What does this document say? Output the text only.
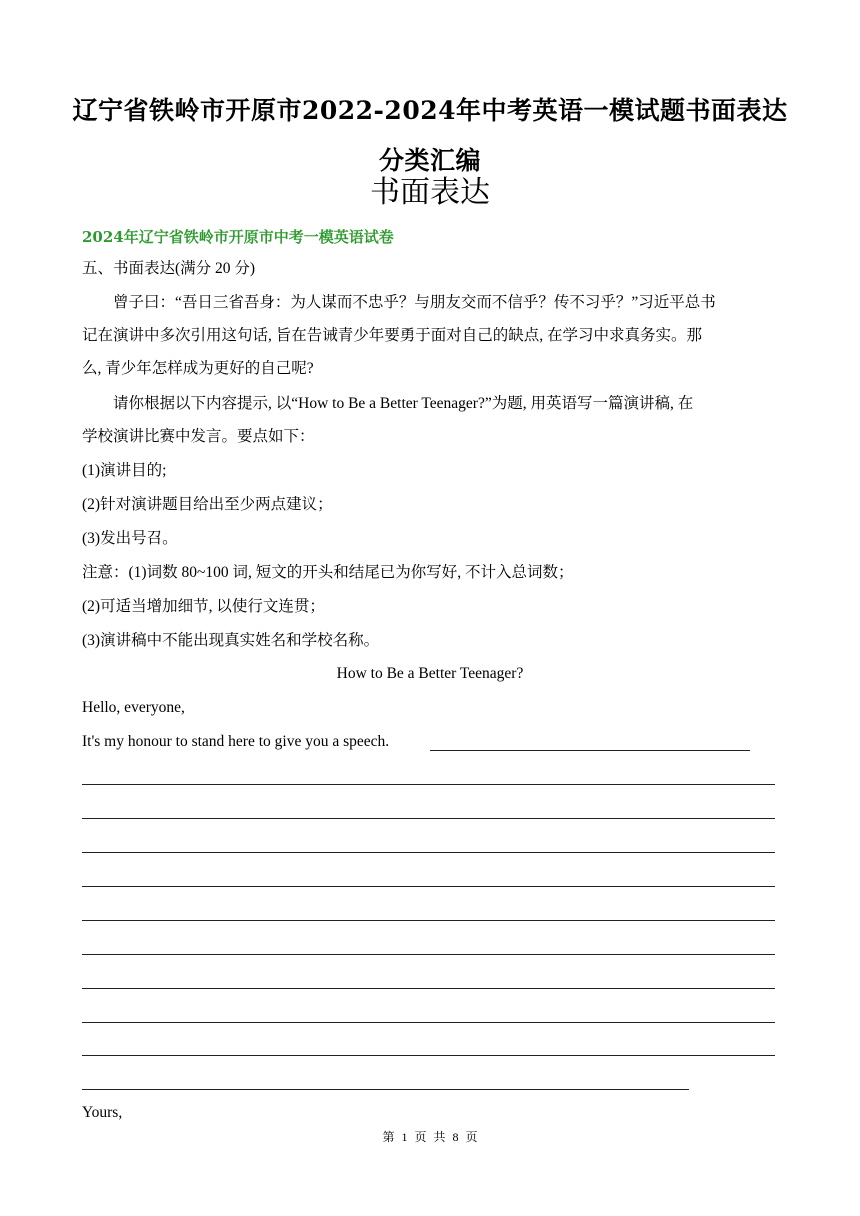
辽宁省铁岭市开原市2022-2024年中考英语一模试题书面表达
分类汇编
书面表达
2024年辽宁省铁岭市开原市中考一模英语试卷
五、书面表达(满分 20 分)
曾子曰：“吾日三省吾身：为人谋而不忠乎？与朋友交而不信乎？传不习乎？”习近平总书
记在演讲中多次引用这句话, 旨在告诫青少年要勇于面对自己的缺点, 在学习中求真务实。那
么, 青少年怎样成为更好的自己呢?
请你根据以下内容提示, 以“How to Be a Better Teenager?”为题, 用英语写一篇演讲稿, 在
学校演讲比赛中发言。要点如下：
(1)演讲目的;
(2)针对演讲题目给出至少两点建议；
(3)发出号召。
注意：(1)词数 80~100 词, 短文的开头和结尾已为你写好, 不计入总词数；
(2)可适当增加细节, 以使行文连贯；
(3)演讲稿中不能出现真实姓名和学校名称。
How to Be a Better Teenager?
Hello, everyone,
It's my honour to stand here to give you a speech.
Yours,
第 1 页 共 8 页
